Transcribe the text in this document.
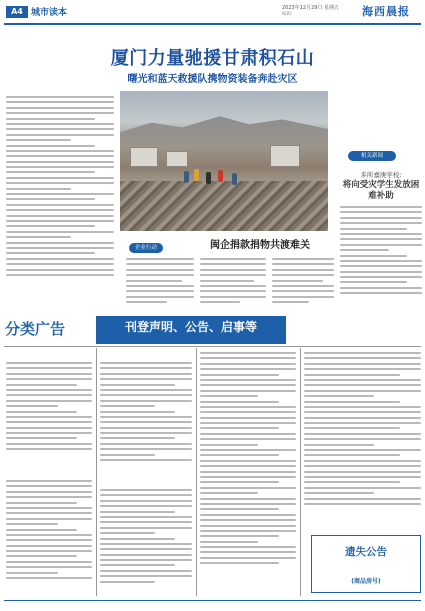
A4 城市读本	2023年12月29日 星期五
编辑:	海西晨报
厦门力量驰援甘肃积石山
曙光和蓝天救援队携物资装备奔赴灾区
企业行动	闽企捐款捐物共渡难关
相关新闻
多所嘉庚学校:
将向受灾学生发放困难补助
分类广告	刊登声明、公告、启事等
遗失公告
(商品房号)
